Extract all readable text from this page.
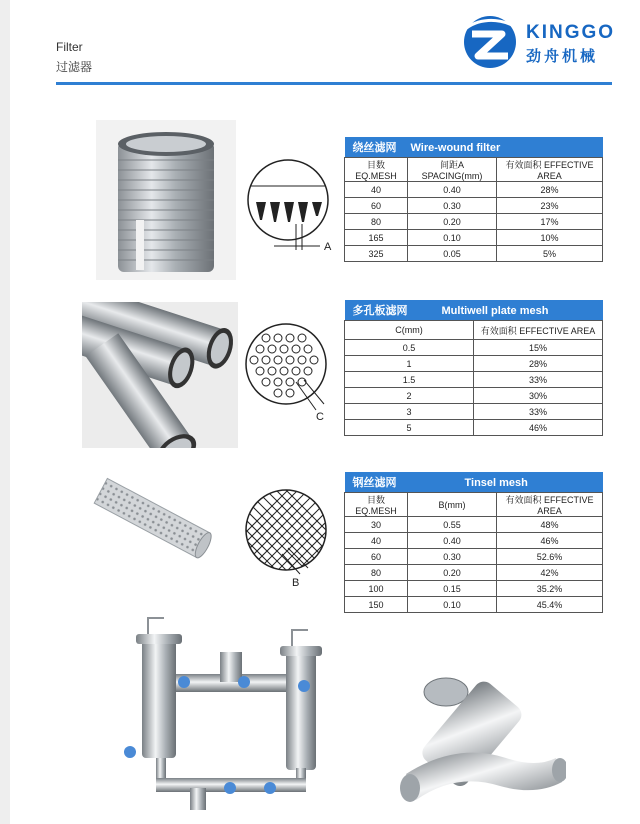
Filter
过滤器
KINGGO
劲舟机械
A
绕丝滤网 Wire-wound filter		
目数 EQ.MESH	间距A SPACING(mm)	有效面积 EFFECTIVE AREA
40	0.40	28%
60	0.30	23%
80	0.20	17%
165	0.10	10%
325	0.05	5%
C
多孔板滤网 Multiwell plate mesh	
C(mm)	有效面积 EFFECTIVE AREA
0.5	15%
1	28%
1.5	33%
2	30%
3	33%
5	46%
B
钢丝滤网 Tinsel mesh		
目数 EQ.MESH	B(mm)	有效面积 EFFECTIVE AREA
30	0.55	48%
40	0.40	46%
60	0.30	52.6%
80	0.20	42%
100	0.15	35.2%
150	0.10	45.4%
